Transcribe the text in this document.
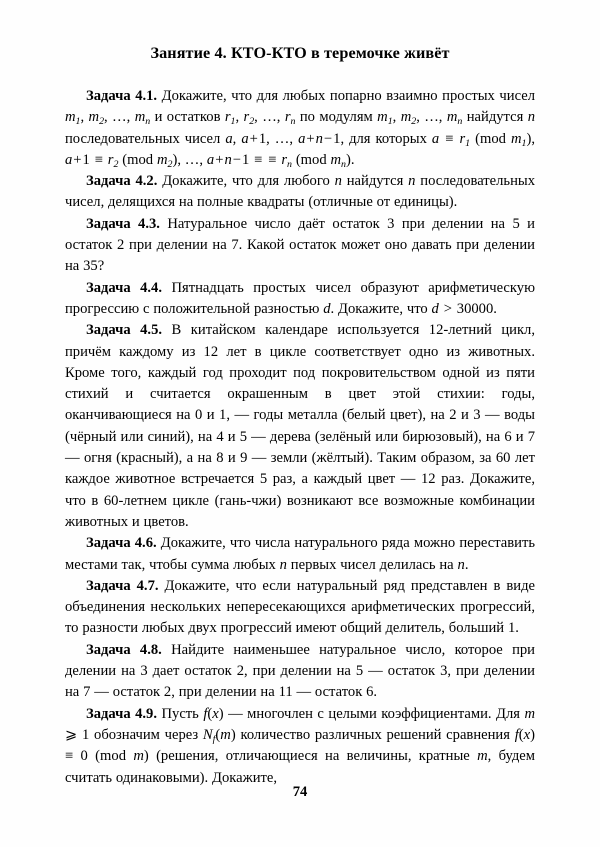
Занятие 4. КТО-КТО в теремочке живёт

Задача 4.1. Докажите, что для любых попарно взаимно простых чисел $m_1$, $m_2$, …, $m_n$ и остатков $r_1$, $r_2$, …, $r_n$ по модулям $m_1$, $m_2$, …, $m_n$ найдутся n последовательных чисел a, a+1, …, a+n−1, для которых $a \equiv r_1$ (mod $m_1$), $a+1 \equiv r_2$ (mod $m_2$), …, a+n−1 ≡ ≡ $r_n$ (mod $m_n$).

Задача 4.2. Докажите, что для любого n найдутся n последовательных чисел, делящихся на полные квадраты (отличные от единицы).

Задача 4.3. Натуральное число даёт остаток 3 при делении на 5 и остаток 2 при делении на 7. Какой остаток может оно давать при делении на 35?

Задача 4.4. Пятнадцать простых чисел образуют арифметическую прогрессию с положительной разностью d. Докажите, что d > 30000.

Задача 4.5. В китайском календаре используется 12-летний цикл, причём каждому из 12 лет в цикле соответствует одно из животных. Кроме того, каждый год проходит под покровительством одной из пяти стихий и считается окрашенным в цвет этой стихии: годы, оканчивающиеся на 0 и 1, — годы металла (белый цвет), на 2 и 3 — воды (чёрный или синий), на 4 и 5 — дерева (зелёный или бирюзовый), на 6 и 7 — огня (красный), а на 8 и 9 — земли (жёлтый). Таким образом, за 60 лет каждое животное встречается 5 раз, а каждый цвет — 12 раз. Докажите, что в 60-летнем цикле (гань-чжи) возникают все возможные комбинации животных и цветов.

Задача 4.6. Докажите, что числа натурального ряда можно переставить местами так, чтобы сумма любых n первых чисел делилась на n.

Задача 4.7. Докажите, что если натуральный ряд представлен в виде объединения нескольких непересекающихся арифметических прогрессий, то разности любых двух прогрессий имеют общий делитель, больший 1.

Задача 4.8. Найдите наименьшее натуральное число, которое при делении на 3 дает остаток 2, при делении на 5 — остаток 3, при делении на 7 — остаток 2, при делении на 11 — остаток 6.

Задача 4.9. Пусть f(x) — многочлен с целыми коэффициентами. Для m ⩾ 1 обозначим через $N_f(m)$ количество различных решений сравнения f(x) ≡ 0 (mod m) (решения, отличающиеся на величины, кратные m, будем считать одинаковыми). Докажите,

74
